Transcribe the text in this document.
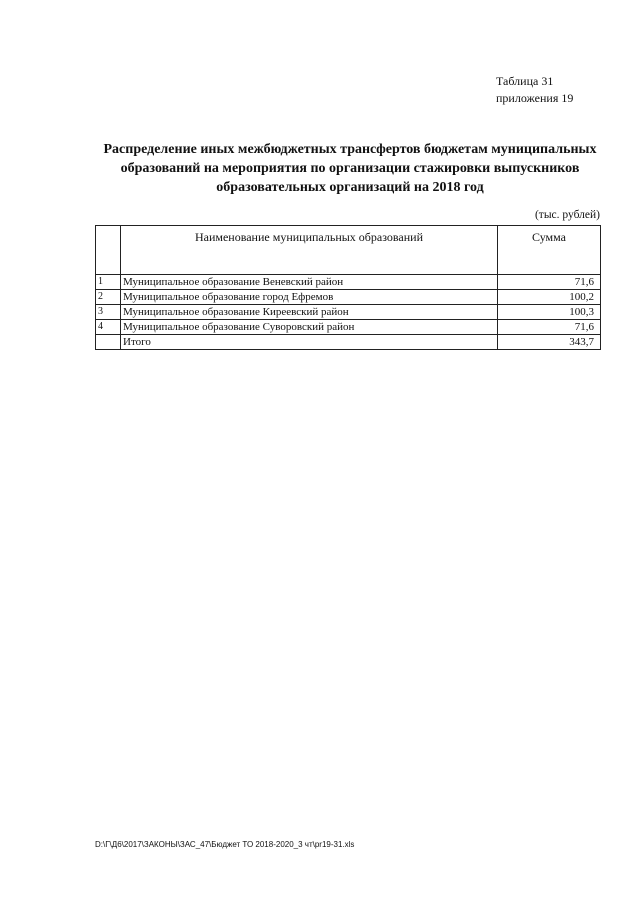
Таблица 31
приложения 19
Распределение иных межбюджетных трансфертов бюджетам муниципальных
образований на мероприятия по организации стажировки выпускников
образовательных организаций на 2018 год
(тыс. рублей)
	Наименование муниципальных образований	Сумма
1	Муниципальное образование Веневский район	71,6
2	Муниципальное образование город Ефремов	100,2
3	Муниципальное образование Киреевский район	100,3
4	Муниципальное образование Суворовский район	71,6
	Итого	343,7
D:\Г\Д6\2017\ЗАКОНЫ\ЗАС_47\Бюджет ТО 2018-2020_3 чт\pr19-31.xls
